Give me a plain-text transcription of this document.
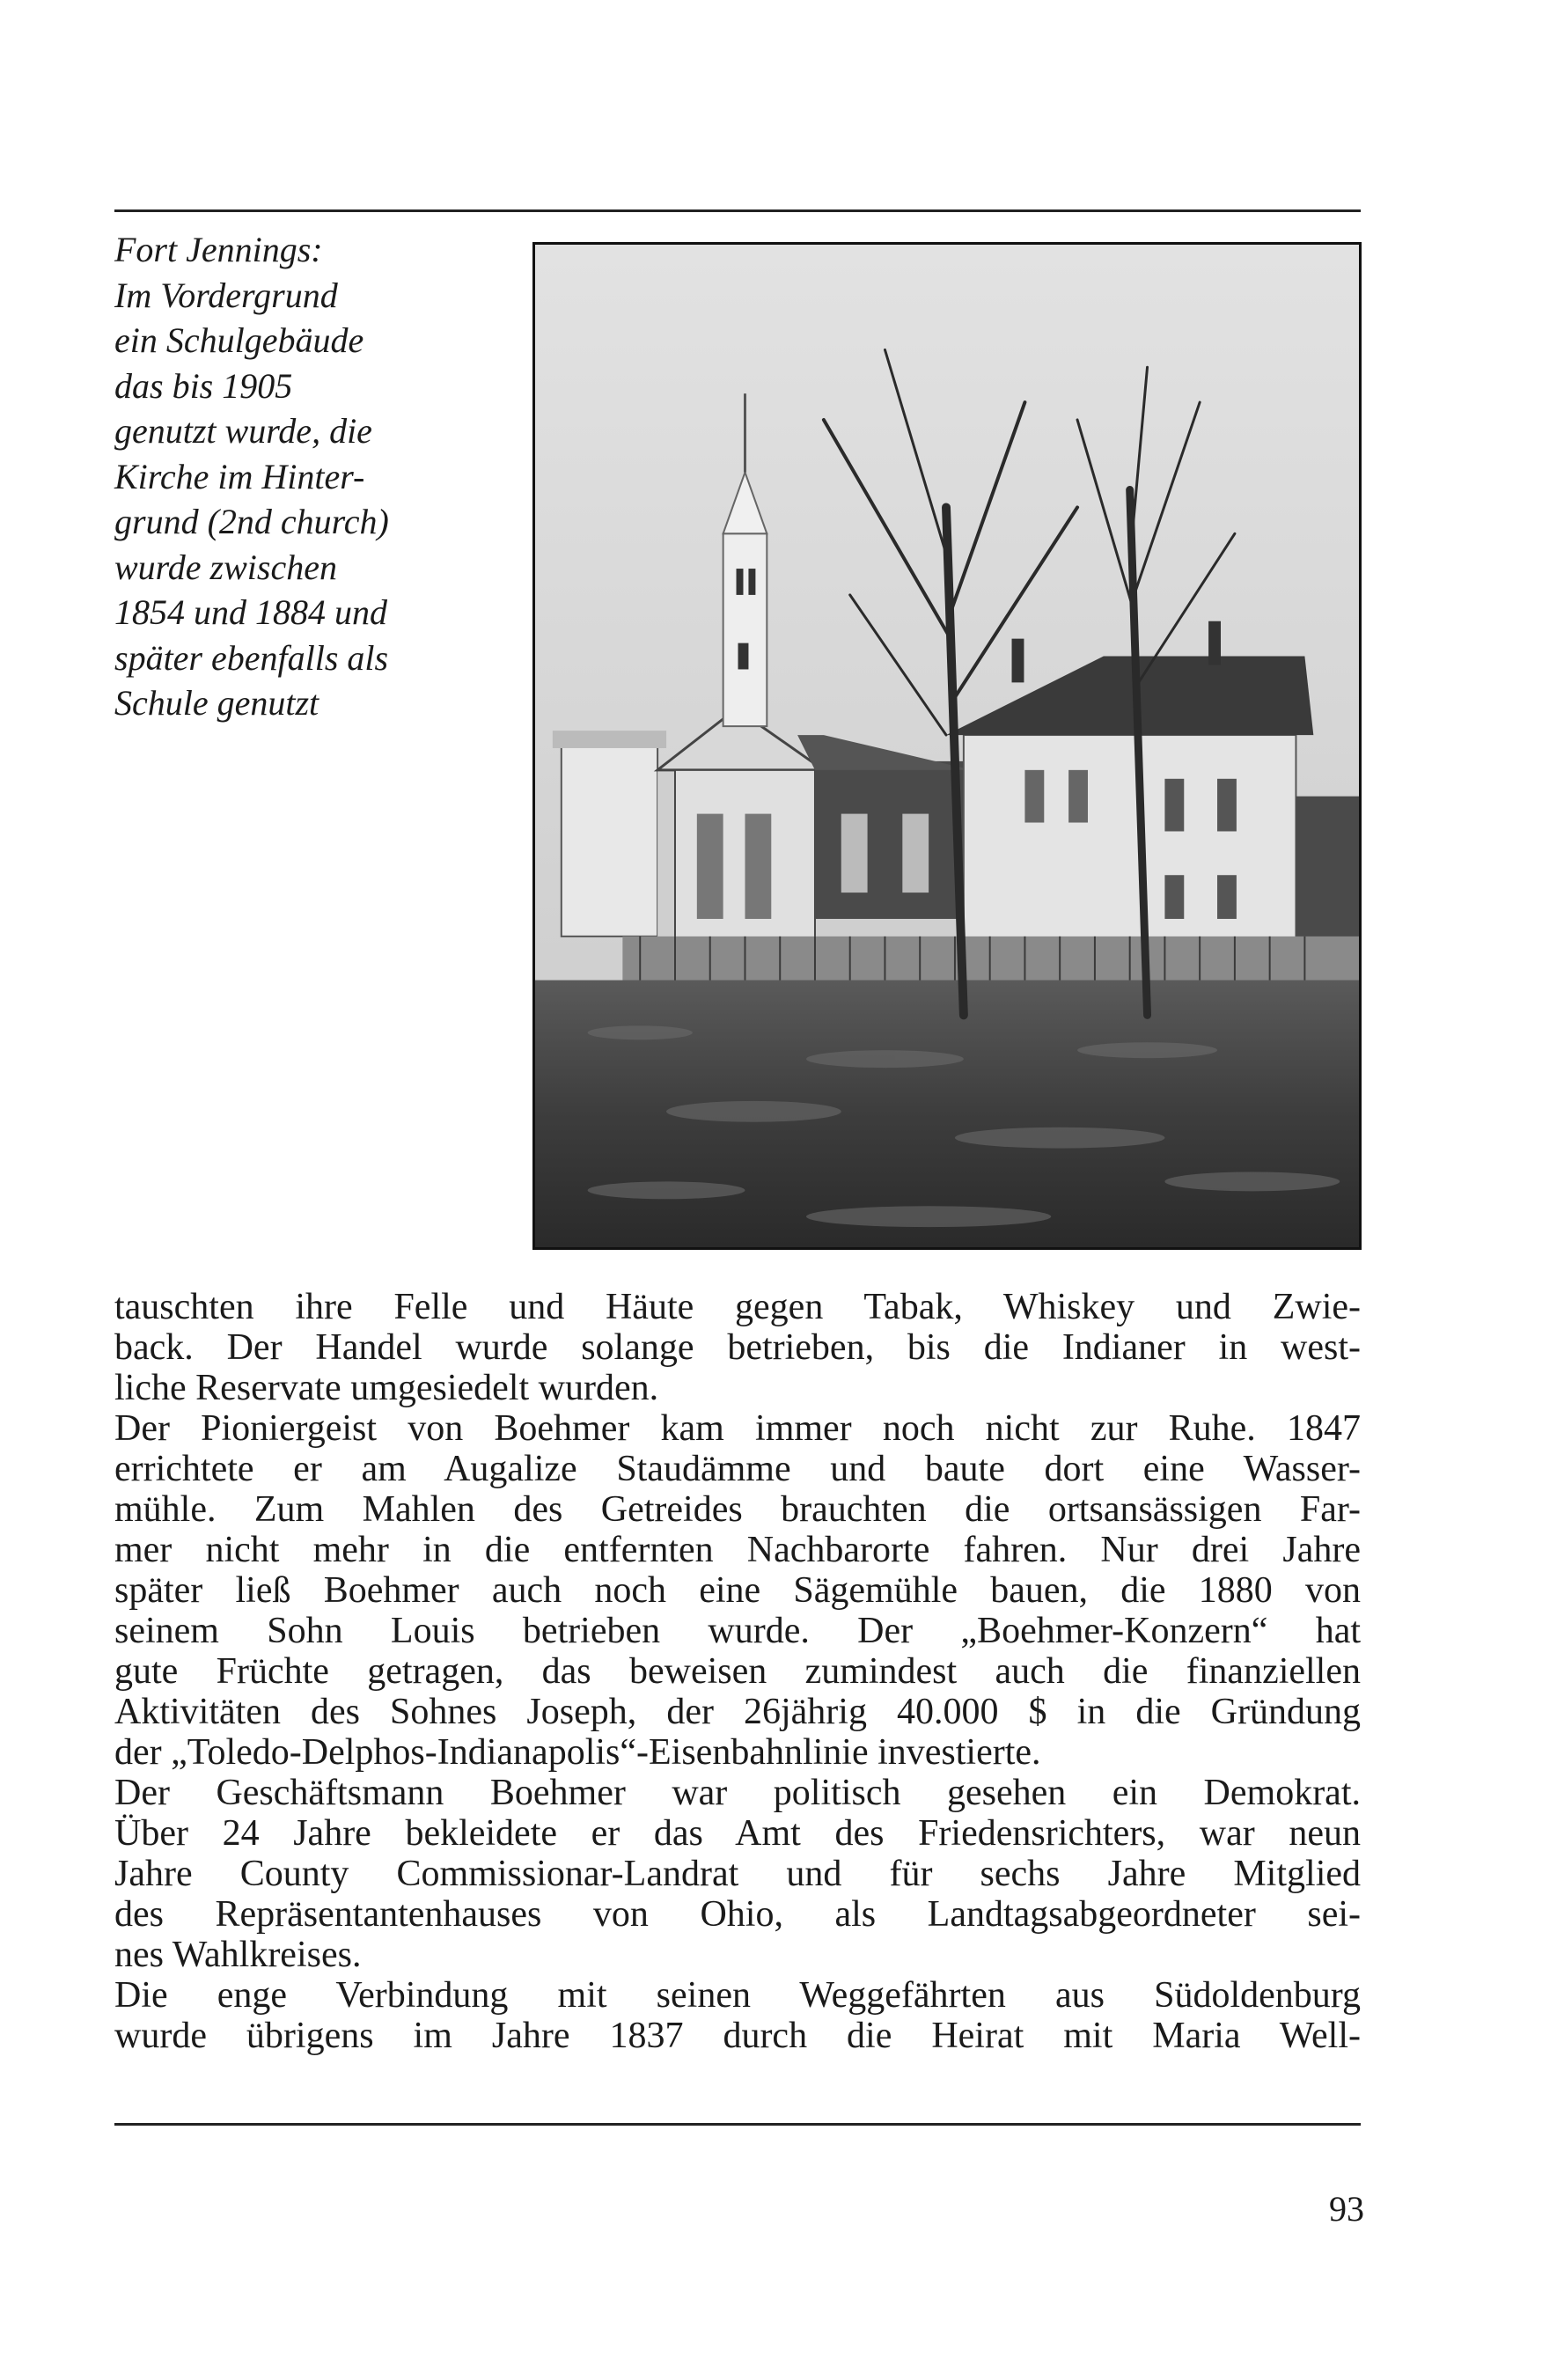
Fort Jennings:
Im Vordergrund
ein Schulgebäude
das bis 1905
genutzt wurde, die
Kirche im Hinter-
grund (2nd church)
wurde zwischen
1854 und 1884 und
später ebenfalls als
Schule genutzt
tauschten ihre Felle und Häute gegen Tabak, Whiskey und Zwie-
back. Der Handel wurde solange betrieben, bis die Indianer in west-
liche Reservate umgesiedelt wurden.
Der Pioniergeist von Boehmer kam immer noch nicht zur Ruhe. 1847
errichtete er am Augalize Staudämme und baute dort eine Wasser-
mühle. Zum Mahlen des Getreides brauchten die ortsansässigen Far-
mer nicht mehr in die entfernten Nachbarorte fahren. Nur drei Jahre
später ließ Boehmer auch noch eine Sägemühle bauen, die 1880 von
seinem Sohn Louis betrieben wurde. Der „Boehmer-Konzern“ hat
gute Früchte getragen, das beweisen zumindest auch die finanziellen
Aktivitäten des Sohnes Joseph, der 26jährig 40.000 $ in die Gründung
der „Toledo-Delphos-Indianapolis“-Eisenbahnlinie investierte.
Der Geschäftsmann Boehmer war politisch gesehen ein Demokrat.
Über 24 Jahre bekleidete er das Amt des Friedensrichters, war neun
Jahre County Commissionar-Landrat und für sechs Jahre Mitglied
des Repräsentantenhauses von Ohio, als Landtagsabgeordneter sei-
nes Wahlkreises.
Die enge Verbindung mit seinen Weggefährten aus Südoldenburg
wurde übrigens im Jahre 1837 durch die Heirat mit Maria Well-
93
